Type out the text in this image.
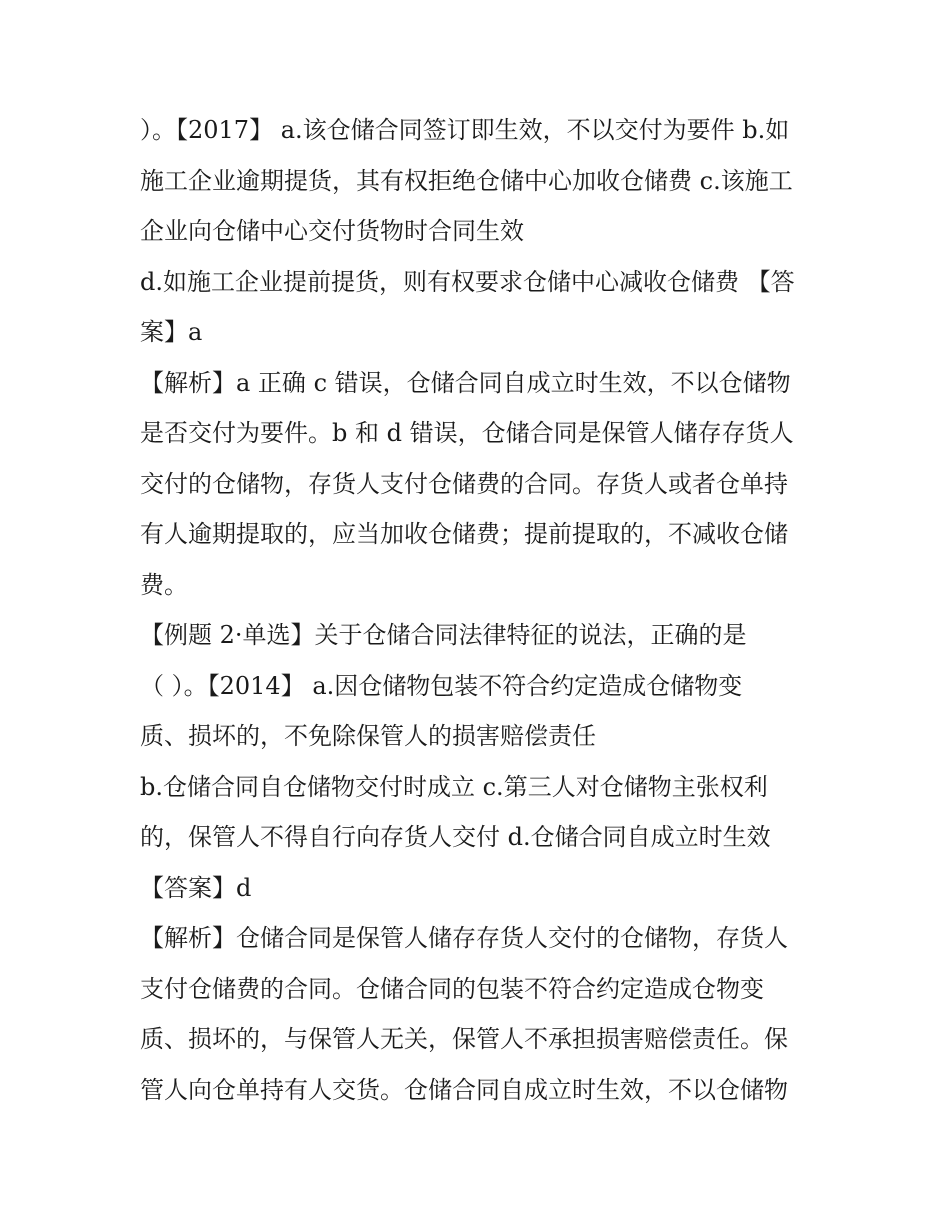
）。【2017】 a.该仓储合同签订即生效，不以交付为要件 b.如
施工企业逾期提货，其有权拒绝仓储中心加收仓储费 c.该施工
企业向仓储中心交付货物时合同生效
d.如施工企业提前提货，则有权要求仓储中心减收仓储费 【答
案】a
【解析】a 正确 c 错误，仓储合同自成立时生效，不以仓储物
是否交付为要件。b 和 d 错误，仓储合同是保管人储存存货人
交付的仓储物，存货人支付仓储费的合同。存货人或者仓单持
有人逾期提取的，应当加收仓储费；提前提取的，不减收仓储
费。
【例题 2·单选】关于仓储合同法律特征的说法，正确的是
（ ）。【2014】 a.因仓储物包装不符合约定造成仓储物变
质、损坏的，不免除保管人的损害赔偿责任
b.仓储合同自仓储物交付时成立 c.第三人对仓储物主张权利
的，保管人不得自行向存货人交付 d.仓储合同自成立时生效
【答案】d
【解析】仓储合同是保管人储存存货人交付的仓储物，存货人
支付仓储费的合同。仓储合同的包装不符合约定造成仓物变
质、损坏的，与保管人无关，保管人不承担损害赔偿责任。保
管人向仓单持有人交货。仓储合同自成立时生效，不以仓储物
